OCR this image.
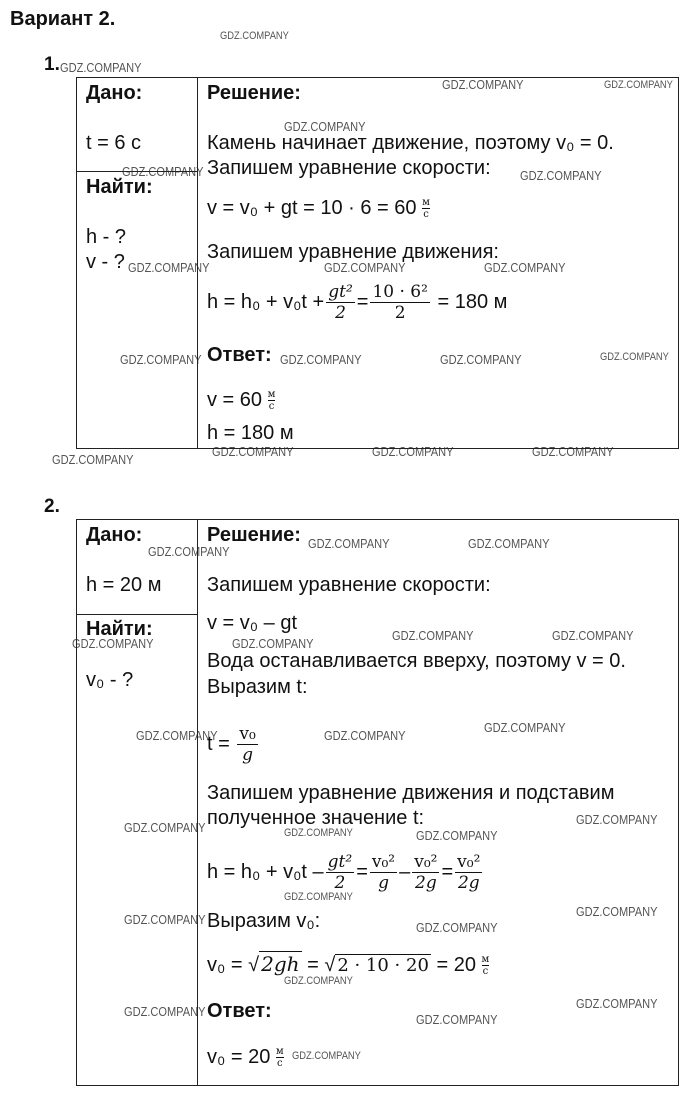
Вариант 2.
GDZ.COMPANY
GDZ.COMPANY
GDZ.COMPANY	GDZ.COMPANY
GDZ.COMPANY
GDZ.COMPANY	GDZ.COMPANY
GDZ.COMPANY	GDZ.COMPANY	GDZ.COMPANY
GDZ.COMPANY	GDZ.COMPANY	GDZ.COMPANY	GDZ.COMPANY
GDZ.COMPANY	GDZ.COMPANY	GDZ.COMPANY
GDZ.COMPANY
GDZ.COMPANY
GDZ.COMPANY	GDZ.COMPANY
GDZ.COMPANY	GDZ.COMPANY
GDZ.COMPANY	GDZ.COMPANY
GDZ.COMPANY	GDZ.COMPANY
GDZ.COMPANY
GDZ.COMPANY	GDZ.COMPANY	GDZ.COMPANY
GDZ.COMPANY
GDZ.COMPANY
GDZ.COMPANY
GDZ.COMPANY
GDZ.COMPANY
GDZ.COMPANY
GDZ.COMPANY
GDZ.COMPANY
GDZ.COMPANY
GDZ.COMPANY
1.
Дано:
t = 6 с
Найти:
h - ?
v - ?
Решение:
Камень начинает движение, поэтому v₀ = 0.
Запишем уравнение скорости:
v = v₀ + gt = 10 · 6 = 60 м
с
Запишем уравнение движения:
$h = h_0 + v_0t + \frac{\text{gt²}}{2} = \frac{\text{10 · 6²}}{2} = 180$ м
Ответ:
v = 60 м
с
h = 180 м
2.
Дано:
h = 20 м
Найти:
v₀ - ?
Решение:
Запишем уравнение скорости:
v = v₀ – gt
Вода останавливается вверху, поэтому v = 0.
Выразим t:
$t = \frac{\text{v₀}}{g}$
Запишем уравнение движения и подставим
полученное значение t:
$h = h_0 + v_0t - \frac{\text{gt²}}{2} = \frac{\text{v₀²}}{g} - \frac{\text{v₀²}}{2g} = \frac{\text{v₀²}}{2g}$
Выразим v₀:
v₀ = √ 2gh = √ 2 · 10 · 20 = 20 м
с
Ответ:
v₀ = 20 м
с
